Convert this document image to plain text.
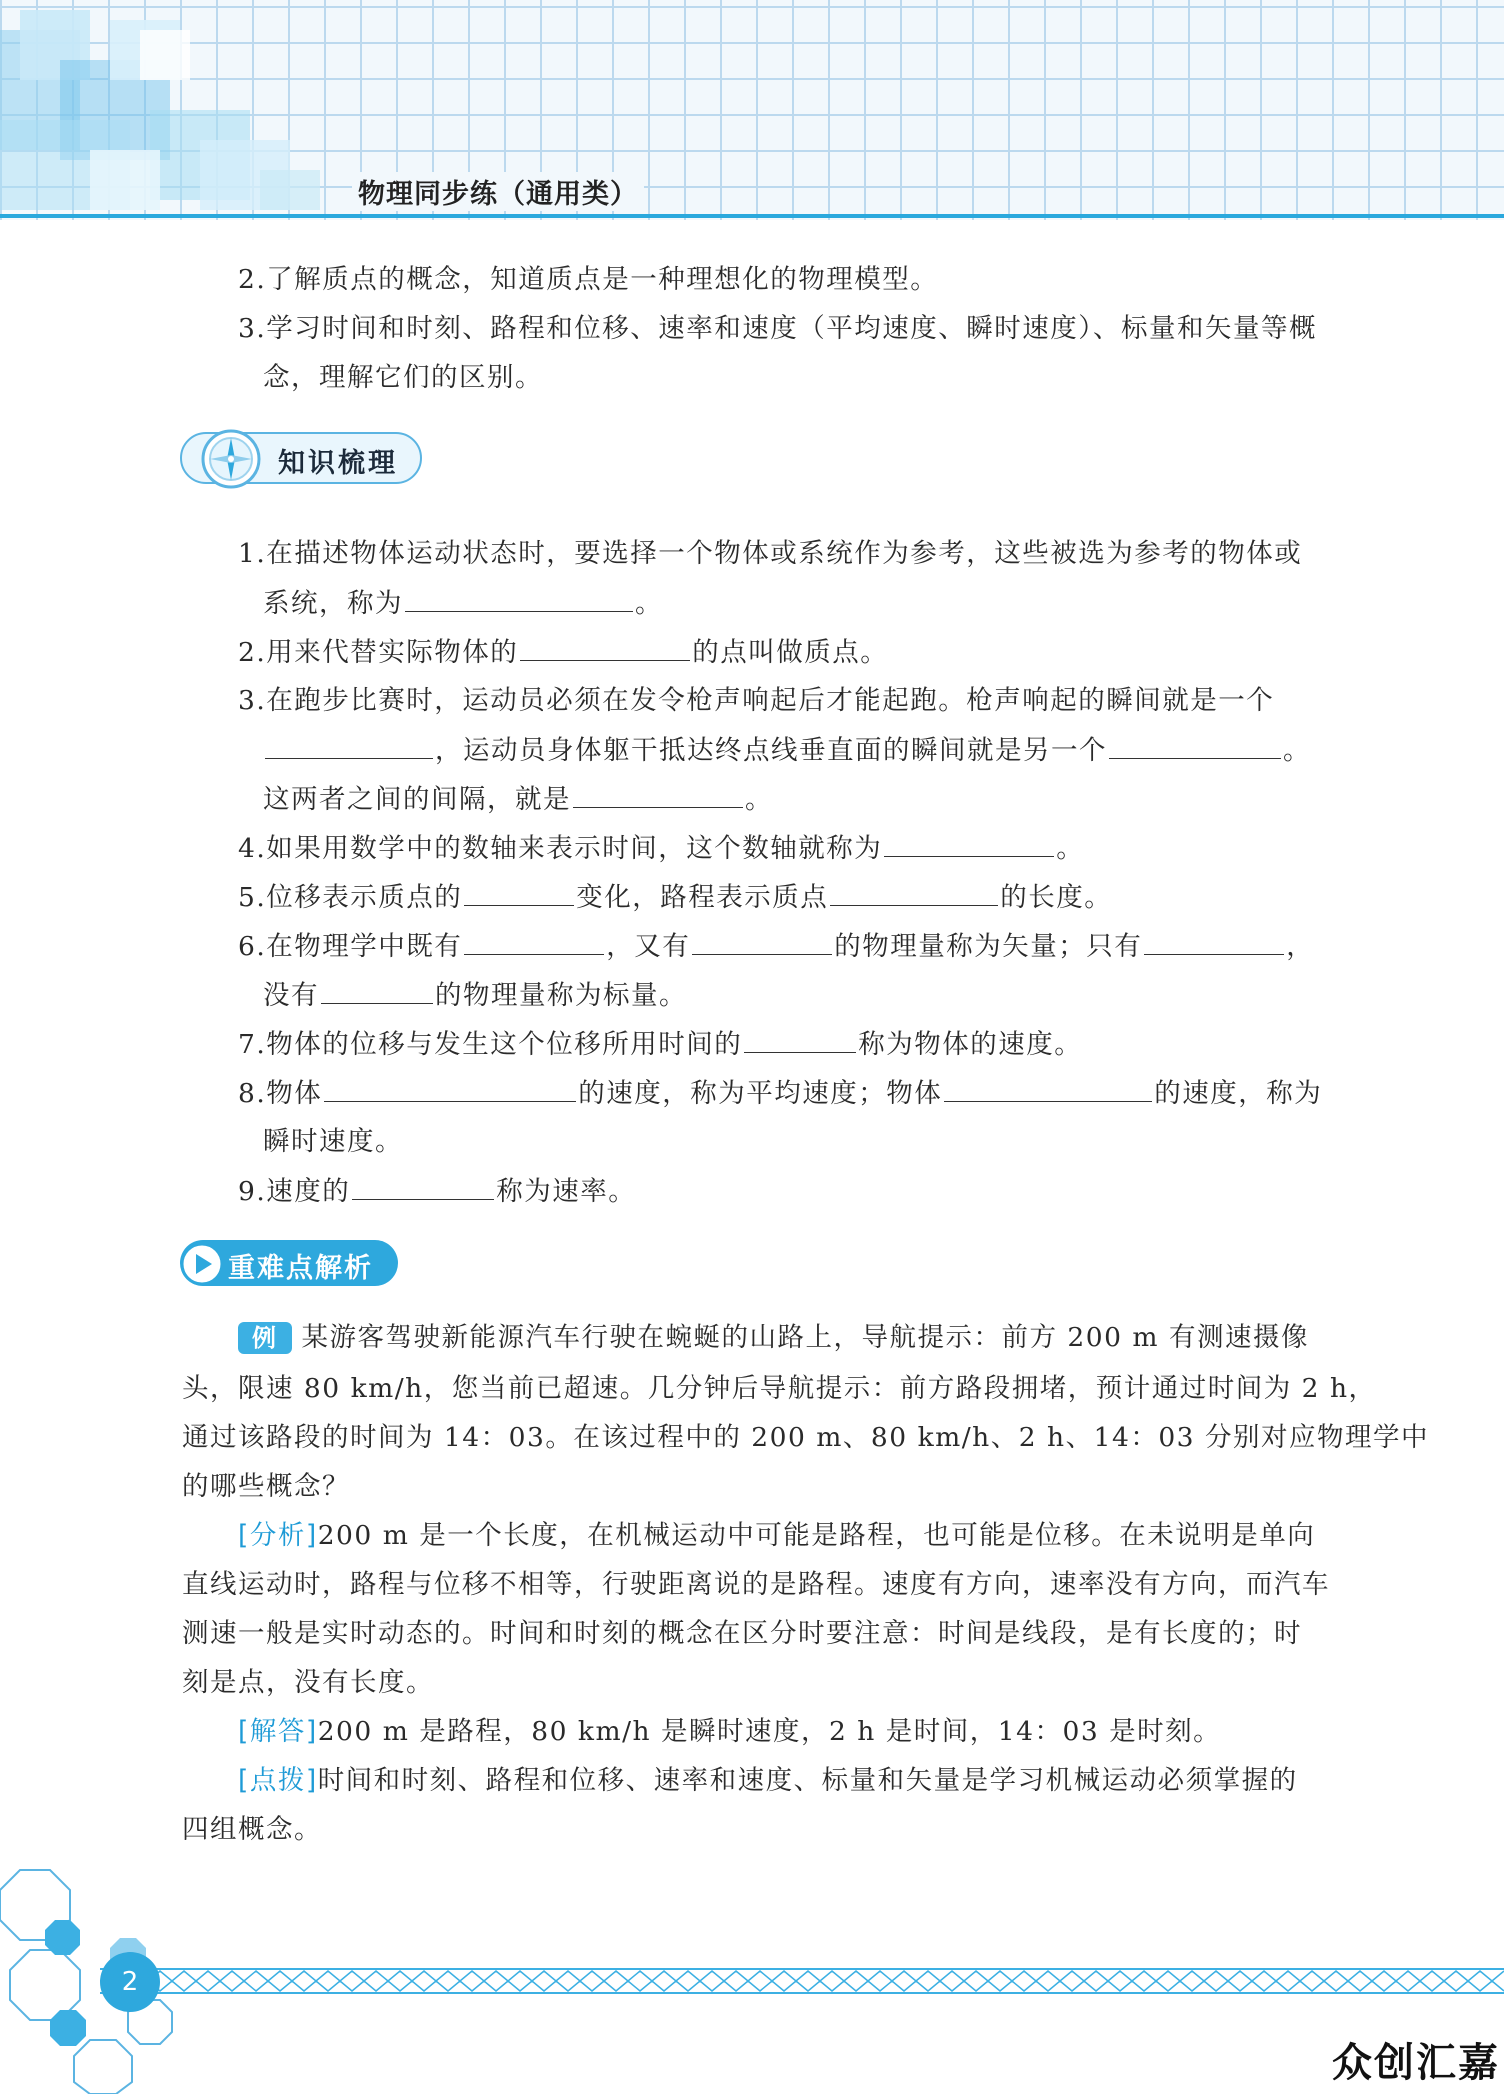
物理同步练（通用类）
2.了解质点的概念，知道质点是一种理想化的物理模型。
3.学习时间和时刻、路程和位移、速率和速度（平均速度、瞬时速度）、标量和矢量等概
念，理解它们的区别。
知识梳理
1.在描述物体运动状态时，要选择一个物体或系统作为参考，这些被选为参考的物体或
系统，称为	。
2.用来代替实际物体的	的点叫做质点。
3.在跑步比赛时，运动员必须在发令枪声响起后才能起跑。枪声响起的瞬间就是一个
，运动员身体躯干抵达终点线垂直面的瞬间就是另一个	。
这两者之间的间隔，就是	。
4.如果用数学中的数轴来表示时间，这个数轴就称为	。
5.位移表示质点的	变化，路程表示质点	的长度。
6.在物理学中既有	，又有	的物理量称为矢量；只有	，
没有	的物理量称为标量。
7.物体的位移与发生这个位移所用时间的	称为物体的速度。
8.物体	的速度，称为平均速度；物体	的速度，称为
瞬时速度。
9.速度的	称为速率。
重难点解析
例 某游客驾驶新能源汽车行驶在蜿蜒的山路上，导航提示：前方 200 m 有测速摄像
头，限速 80 km/h，您当前已超速。几分钟后导航提示：前方路段拥堵，预计通过时间为 2 h，
通过该路段的时间为 14：03。在该过程中的 200 m、80 km/h、2 h、14：03 分别对应物理学中
的哪些概念？
[分析]200 m 是一个长度，在机械运动中可能是路程，也可能是位移。在未说明是单向
直线运动时，路程与位移不相等，行驶距离说的是路程。速度有方向，速率没有方向，而汽车
测速一般是实时动态的。时间和时刻的概念在区分时要注意：时间是线段，是有长度的；时
刻是点，没有长度。
[解答]200 m 是路程，80 km/h 是瞬时速度，2 h 是时间，14：03 是时刻。
[点拨]时间和时刻、路程和位移、速率和速度、标量和矢量是学习机械运动必须掌握的
四组概念。
2
众创汇嘉
